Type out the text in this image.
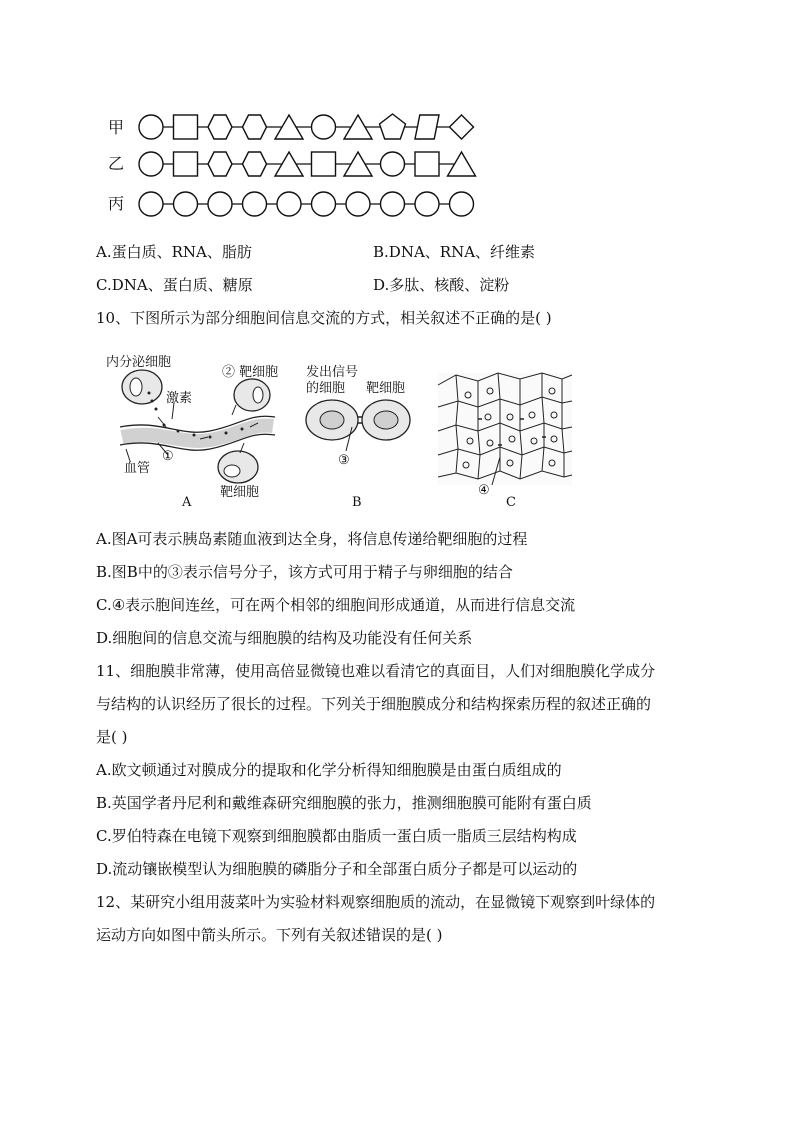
甲
乙
丙
A.蛋白质、RNA、脂肪	B.DNA、RNA、纤维素
C.DNA、蛋白质、糖原	D.多肽、核酸、淀粉
10、下图所示为部分细胞间信息交流的方式，相关叙述不正确的是( )
内分泌细胞
② 靶细胞
激素
血管
①
靶细胞
A
发出信号
的细胞 靶细胞
③
B
④
C
A.图A可表示胰岛素随血液到达全身，将信息传递给靶细胞的过程
B.图B中的③表示信号分子，该方式可用于精子与卵细胞的结合
C.④表示胞间连丝，可在两个相邻的细胞间形成通道，从而进行信息交流
D.细胞间的信息交流与细胞膜的结构及功能没有任何关系
11、细胞膜非常薄，使用高倍显微镜也难以看清它的真面目，人们对细胞膜化学成分
与结构的认识经历了很长的过程。下列关于细胞膜成分和结构探索历程的叙述正确的
是( )
A.欧文顿通过对膜成分的提取和化学分析得知细胞膜是由蛋白质组成的
B.英国学者丹尼利和戴维森研究细胞膜的张力，推测细胞膜可能附有蛋白质
C.罗伯特森在电镜下观察到细胞膜都由脂质一蛋白质一脂质三层结构构成
D.流动镶嵌模型认为细胞膜的磷脂分子和全部蛋白质分子都是可以运动的
12、某研究小组用菠菜叶为实验材料观察细胞质的流动，在显微镜下观察到叶绿体的
运动方向如图中箭头所示。下列有关叙述错误的是( )
